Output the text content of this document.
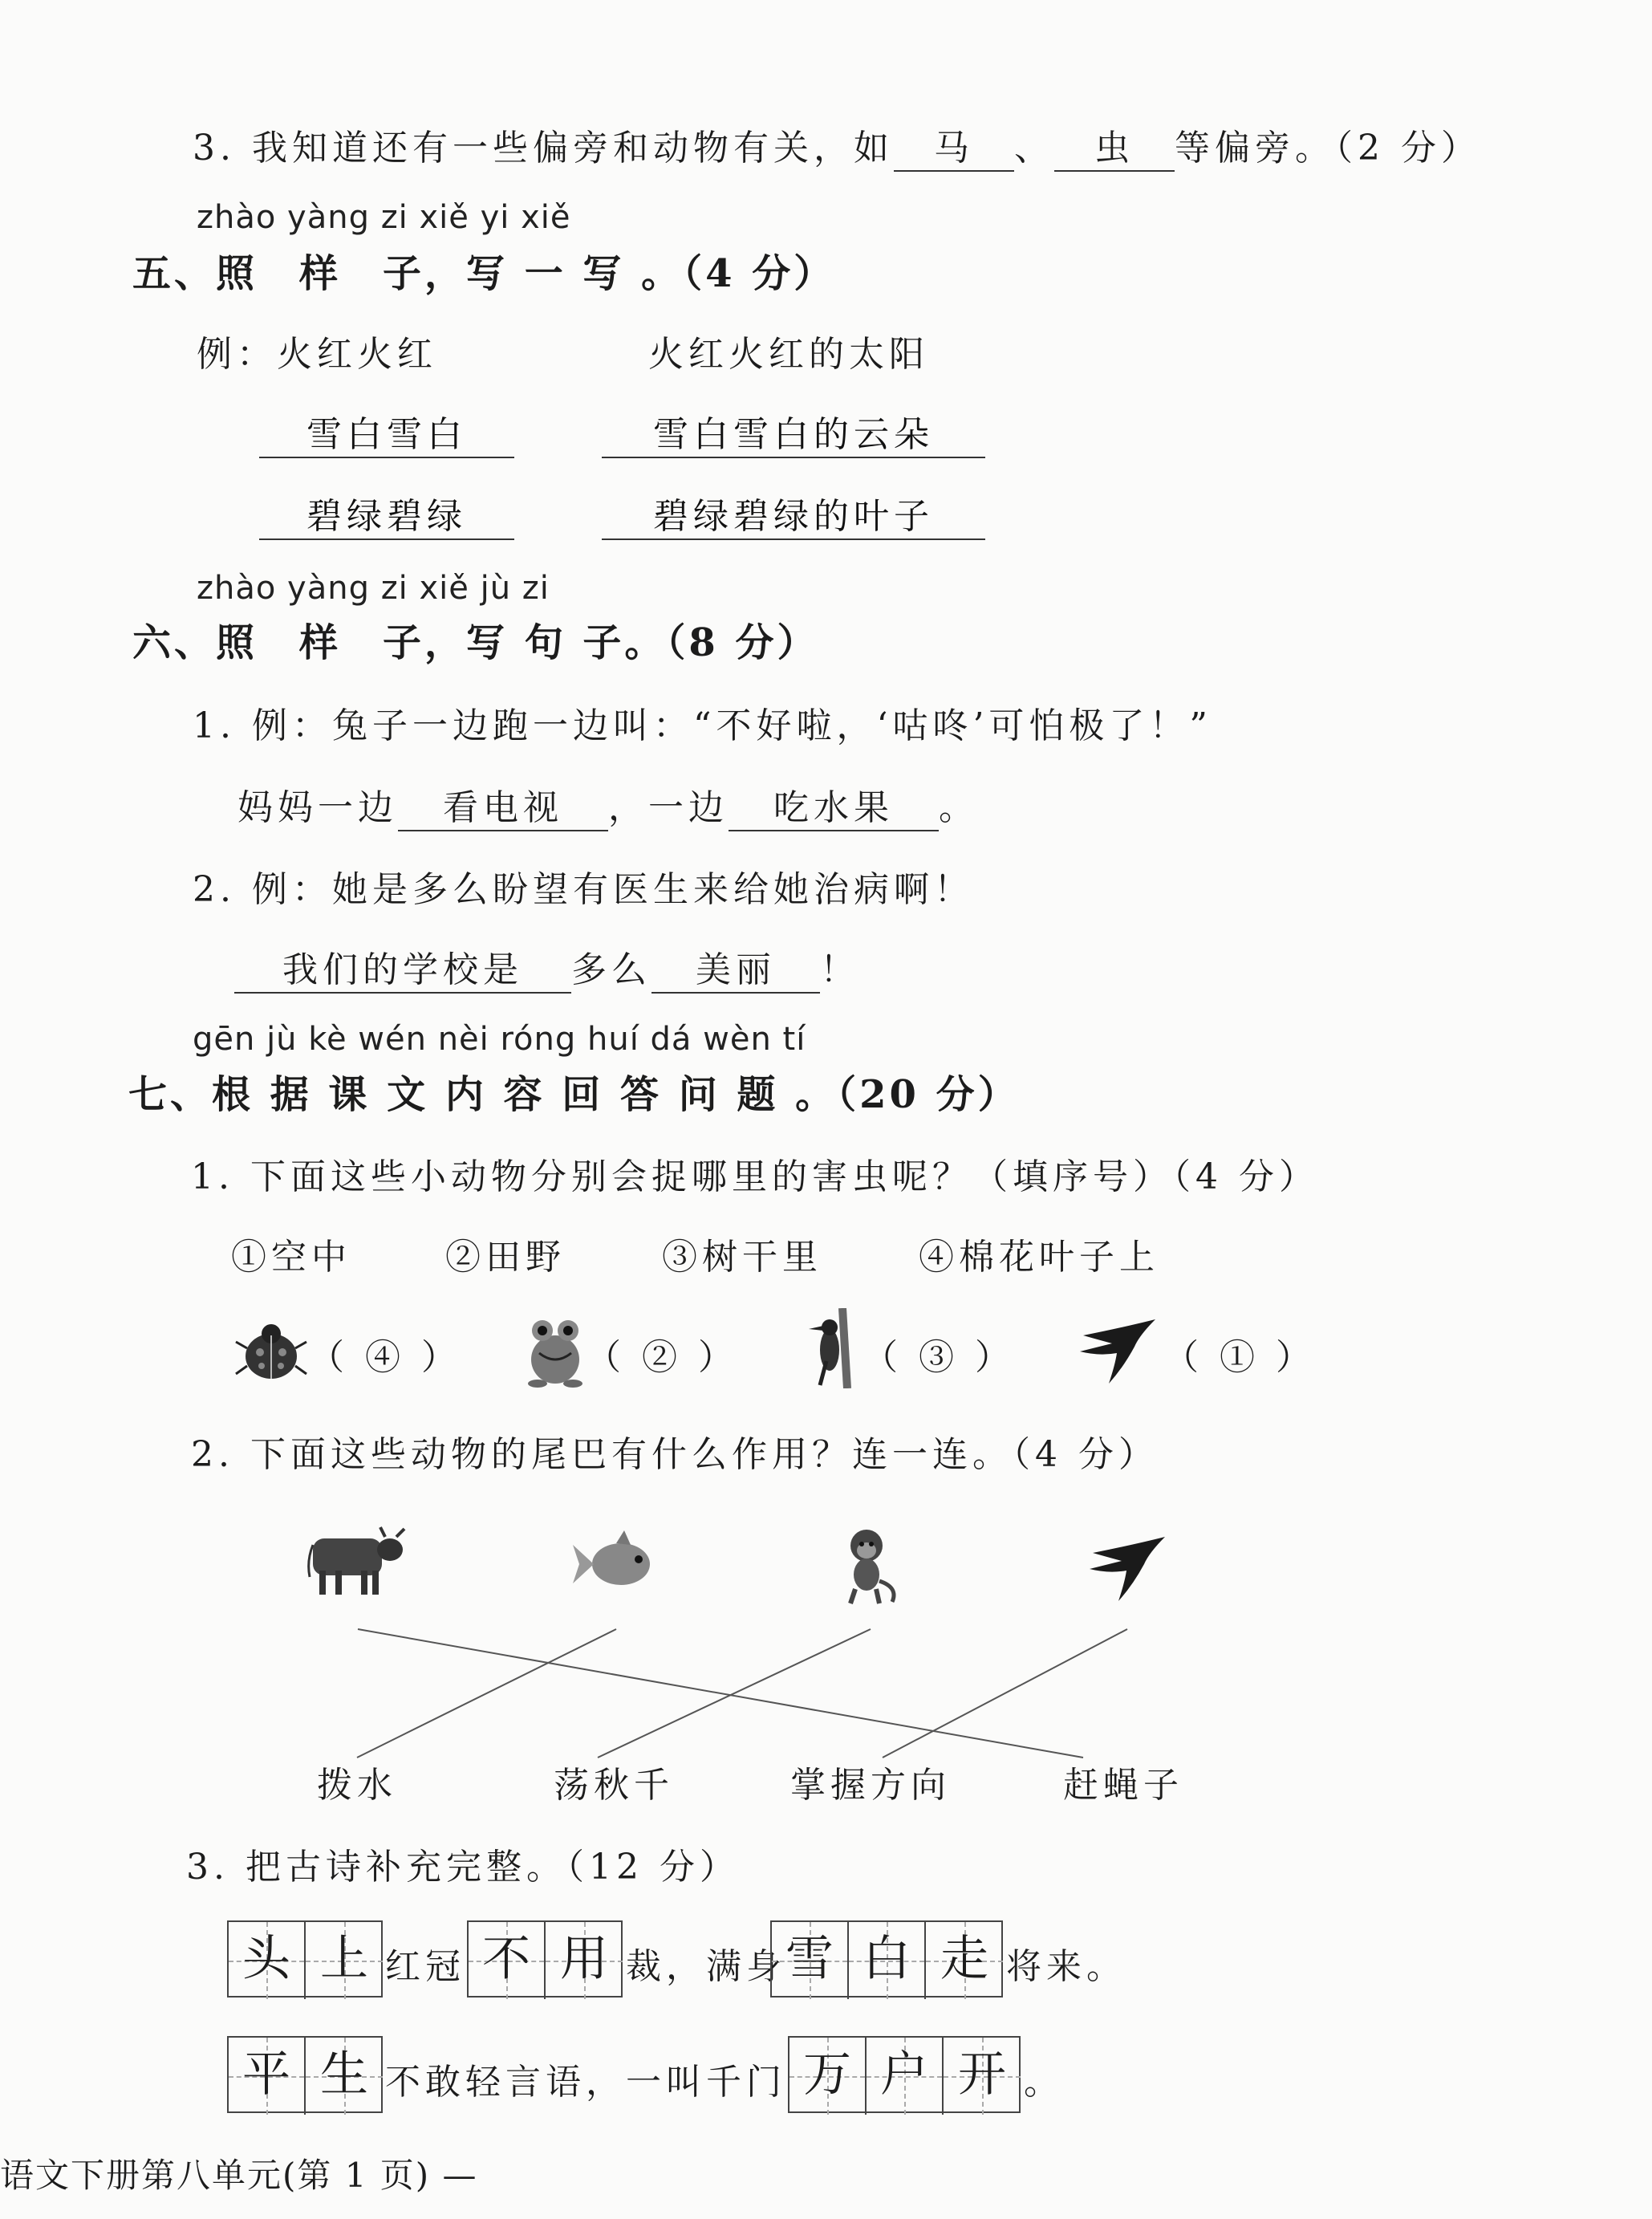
3. 我知道还有一些偏旁和动物有关，如 马 、 虫 等偏旁。（2 分）
zhào yàng zi xiě yi xiě
五、照　样　子，写 一 写 。（4 分）
例：火红火红	火红火红的太阳
雪白雪白	雪白雪白的云朵
碧绿碧绿	碧绿碧绿的叶子
zhào yàng zi xiě jù zi
六、照　样　子，写 句 子。（8 分）
1. 例：兔子一边跑一边叫：“不好啦，‘咕咚’可怕极了！”
妈妈一边 看电视 ，一边 吃水果 。
2. 例：她是多么盼望有医生来给她治病啊！
我们的学校是 多么 美丽 ！
gēn jù kè wén nèi róng huí dá wèn tí
七、根 据 课 文 内 容 回 答 问 题 。（20 分）
1. 下面这些小动物分别会捉哪里的害虫呢？（填序号）（4 分）
①空中	②田野	③树干里	④棉花叶子上
（ ④ ）	（ ② ）	（ ③ ）	（ ① ）
2. 下面这些动物的尾巴有什么作用？连一连。（4 分）
拨水	荡秋千	掌握方向	赶蝇子
3. 把古诗补充完整。（12 分）
头 上 红冠 不 用 裁，满身 雪 白 走 将来。
平 生 不敢轻言语，一叫千门 万 户 开 。
语文下册第八单元(第 1 页) —
